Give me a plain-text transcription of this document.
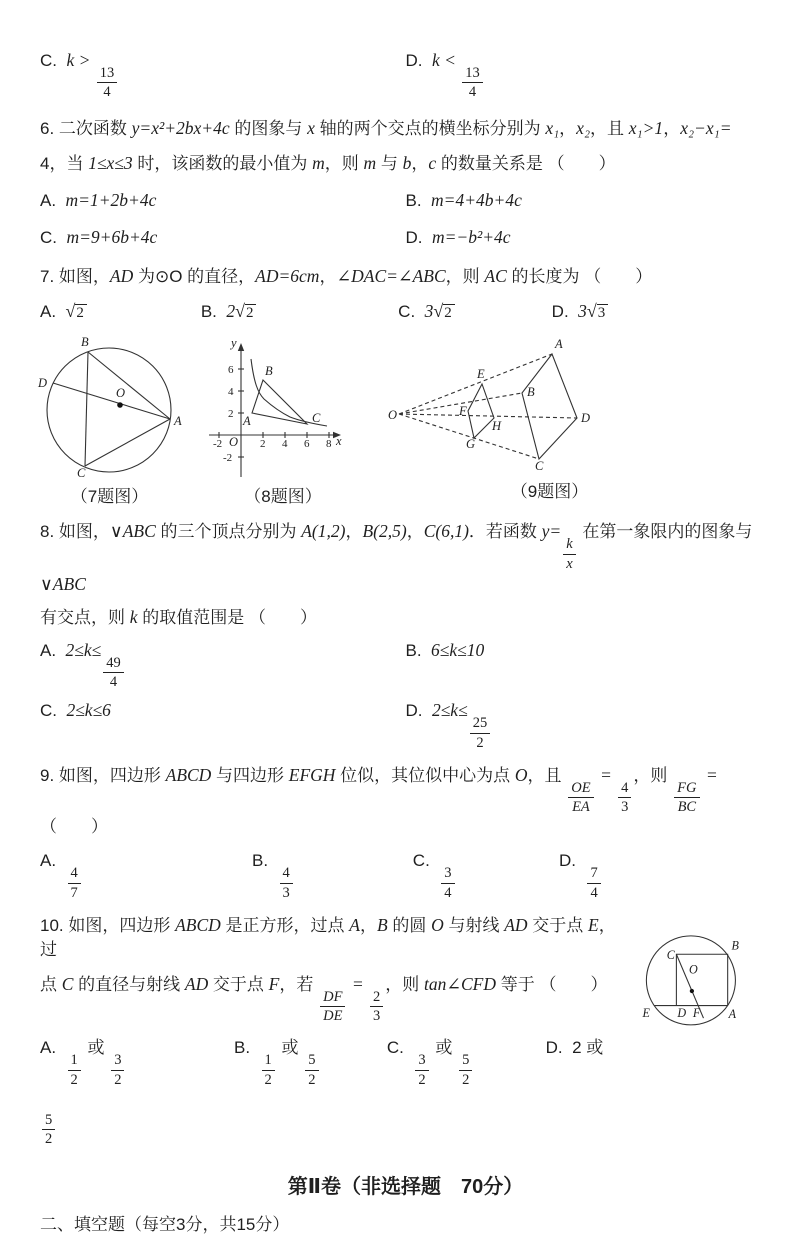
C.  k >
$\frac{13}{4}$
D.  k <
$\frac{13}{4}$
6. 二次函数 y=x²+2bx+4c 的图象与 x 轴的两个交点的横坐标分别为 x₁，x₂，且 x₁>1，x₂−x₁=
4，当 1≤x≤3 时，该函数的最小值为 m，则 m 与 b，c 的数量关系是 （　　）
A.  m=1+2b+4c	B.  m=4+4b+4c
C.  m=9+6b+4c	D.  m=−b²+4c
7. 如图，AD 为⊙O 的直径，AD=6cm，∠DAC=∠ABC，则 AC 的长度为 （　　）
A.  √2	B.  2√2	C.  3√2	D.  3√3
B
D
O
A
C
（7题图）
y
x
O
-2	2 4 6 8
6
4
2
-2
A
B
C
（8题图）
O
E
F
G
H
A
B
C
D
（9题图）
8. 如图，∨ABC 的三个顶点分别为 A(1,2)，B(2,5)，C(6,1)．若函数 y=
$\frac{k}{x}$
在第一象限内的图象与 ∨ABC
有交点，则 k 的取值范围是 （　　）
A.  2≤k≤
$\frac{49}{4}$
B.  6≤k≤10
C.  2≤k≤6	D.  2≤k≤
$\frac{25}{2}$
9. 如图，四边形 ABCD 与四边形 EFGH 位似，其位似中心为点 O，且
$\frac{OE}{EA}$
=
$\frac{4}{3}$
，则
$\frac{FG}{BC}$
= （　　）
A.
$\frac{4}{7}$
B.
$\frac{4}{3}$
C.
$\frac{3}{4}$
D.
$\frac{7}{4}$
10. 如图，四边形 ABCD 是正方形，过点 A，B 的圆 O 与射线 AD 交于点 E，过
点 C 的直径与射线 AD 交于点 F，若
$\frac{DF}{DE}$
=
$\frac{2}{3}$
，则 tan∠CFD 等于 （　　）
A.
$\frac{1}{2}$
或
$\frac{3}{2}$
B.
$\frac{1}{2}$
或
$\frac{5}{2}$
C.
$\frac{3}{2}$
或
$\frac{5}{2}$
D.  2 或
C
B
O
E D F A
$\frac{5}{2}$
第Ⅱ卷（非选择题　70分）
二、填空题（每空3分，共15分）
